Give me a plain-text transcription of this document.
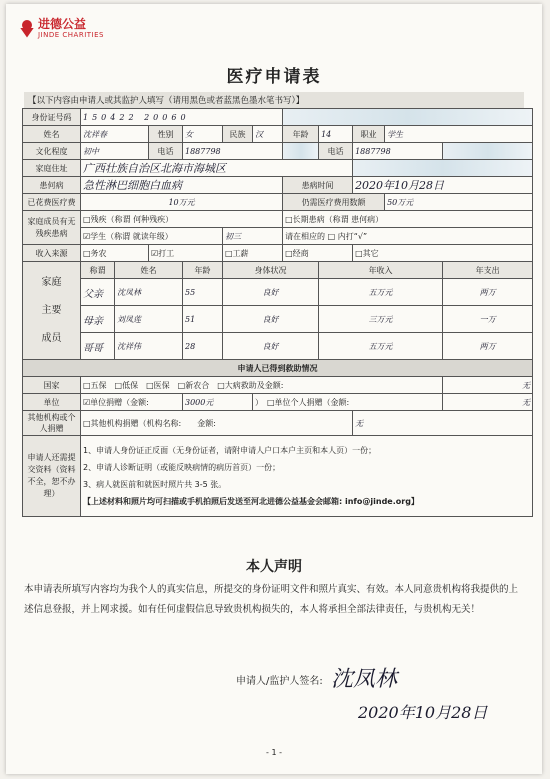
进德公益
JINDE CHARITIES
医疗申请表
【以下内容由申请人或其监护人填写（请用黑色或者蓝黑色墨水笔书写）】
身份证号码	150422 20060	
姓名	沈祥春		性别	女	民族	汉	年龄	14	职业	学生	
文化程度	初中		电话	1887798				电话	1887798	
家庭住址	广西壮族自治区北海市海城区	
患何病	急性淋巴细胞白血病						患病时间		2020年10月28日		
已花费医疗费	10万元						仍需医疗费用数额			50万元	
家庭成员有无残疾患病	□残疾（称谓 何种残疾）						□长期患病（称谓 患何病）				
	☑学生（称谓 就读年级）				初三		请在相应的 □ 内打“√”				
收入来源	□务农		☑打工		□工薪		□经商		□其它		

家庭
主要
成员	称谓	姓名		年龄	身体状况			年收入			年支出
	父亲	沈凤林		55	良好			五万元			两万
	母亲	刘凤莲		51	良好			三万元			一万
	哥哥	沈祥伟		28	良好			五万元			两万
申请人已得到救助情况											
国家	□五保　□低保　□医保　□新农合　□大病救助及金额:										无
单位	☑单位捐赠（金额:			3000元		）　□单位个人捐赠（金额:					无
其他机构或个人捐赠	□其他机构捐赠（机构名称:　　金额:								无		
申请人还需提交资料（资料不全，恕不办理）	1、申请人身份证正反面（无身份证者，请附申请人户口本户主页和本人页）一份；
2、申请人诊断证明（或能反映病情的病历首页）一份；
3、病人就医前和就医时照片共 3-5 张。
【上述材料和照片均可扫描或手机拍照后发送至河北进德公益基金会邮箱: info@jinde.org】										
本人声明
本申请表所填写内容均为我个人的真实信息，所提交的身份证明文件和照片真实、有效。本人同意贵机构将我提供的上述信息登报，并上网求援。如有任何虚假信息导致贵机构损失的，本人将承担全部法律责任，与贵机构无关！
申请人/监护人签名: 沈凤林
2020年10月28日
- 1 -
